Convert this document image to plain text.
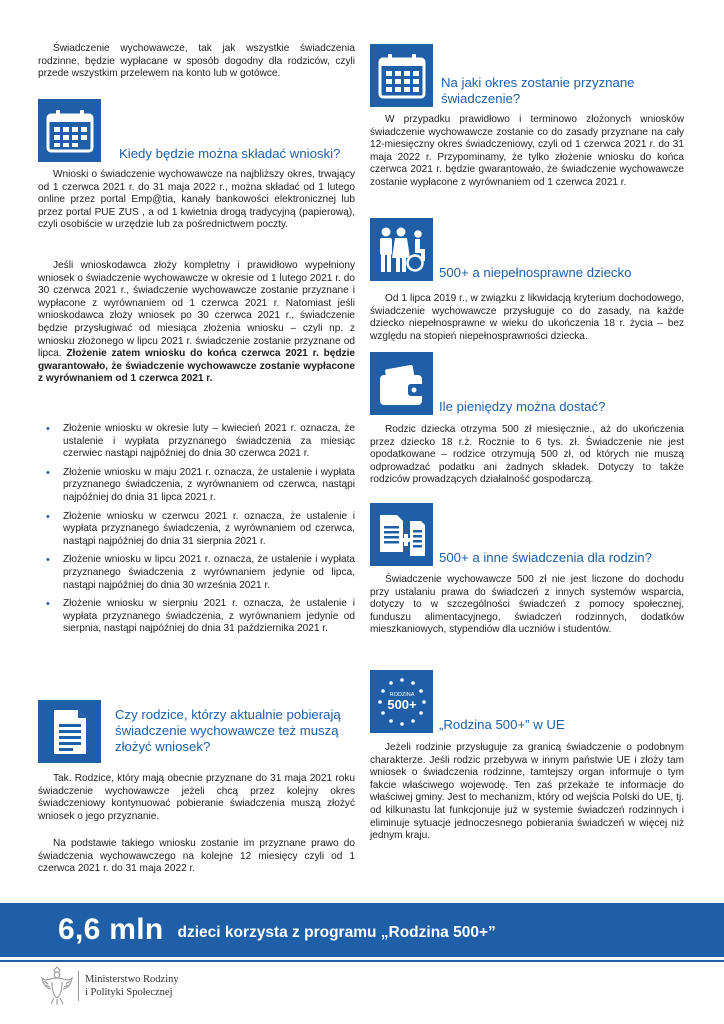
Świadczenie wychowawcze, tak jak wszystkie świadczenia rodzinne, będzie wypłacane w sposób dogodny dla rodziców, czyli przede wszystkim przelewem na konto lub w gotówce.

Kiedy będzie można składać wnioski?

Wnioski o świadczenie wychowawcze na najbliższy okres, trwający od 1 czerwca 2021 r. do 31 maja 2022 r., można składać od 1 lutego online przez portal Emp@tia, kanały bankowości elektronicznej lub przez portal PUE ZUS , a od 1 kwietnia drogą tradycyjną (papierową), czyli osobiście w urzędzie lub za pośrednictwem poczty.

Jeśli wnioskodawca złoży kompletny i prawidłowo wypełniony wniosek o świadczenie wychowawcze w okresie od 1 lutego 2021 r. do 30 czerwca 2021 r., świadczenie wychowawcze zostanie przyznane i wypłacone z wyrównaniem od 1 czerwca 2021 r. Natomiast jeśli wnioskodawca złoży wniosek po 30 czerwca 2021 r., świadczenie będzie przysługiwać od miesiąca złożenia wniosku – czyli np. z wniosku złożonego w lipcu 2021 r. świadczenie zostanie przyznane od lipca. Złożenie zatem wniosku do końca czerwca 2021 r. będzie gwarantowało, że świadczenie wychowawcze zostanie wypłacone z wyrównaniem od 1 czerwca 2021 r.

• Złożenie wniosku w okresie luty – kwiecień 2021 r. oznacza, że ustalenie i wypłata przyznanego świadczenia za miesiąc czerwiec nastąpi najpóźniej do dnia 30 czerwca 2021 r.
• Złożenie wniosku w maju 2021 r. oznacza, że ustalenie i wypłata przyznanego świadczenia, z wyrównaniem od czerwca, nastąpi najpóźniej do dnia 31 lipca 2021 r.
• Złożenie wniosku w czerwcu 2021 r. oznacza, że ustalenie i wypłata przyznanego świadczenia, z wyrównaniem od czerwca, nastąpi najpóźniej do dnia 31 sierpnia 2021 r.
• Złożenie wniosku w lipcu 2021 r. oznacza, że ustalenie i wypłata przyznanego świadczenia z wyrównaniem jedynie od lipca, nastąpi najpóźniej do dnia 30 września 2021 r.
• Złożenie wniosku w sierpniu 2021 r. oznacza, że ustalenie i wypłata przyznanego świadczenia, z wyrównaniem jedynie od sierpnia, nastąpi najpóźniej do dnia 31 października 2021 r.
Czy rodzice, którzy aktualnie pobierają świadczenie wychowawcze też muszą złożyć wniosek?

Tak. Rodzice, który mają obecnie przyznane do 31 maja 2021 roku świadczenie wychowawcze jeżeli chcą przez kolejny okres świadczeniowy kontynuować pobieranie świadczenia muszą złożyć wniosek o jego przyznanie.

Na podstawie takiego wniosku zostanie im przyznane prawo do świadczenia wychowawczego na kolejne 12 miesięcy czyli od 1 czerwca 2021 r. do 31 maja 2022 r.

Na jaki okres zostanie przyznane świadczenie?

W przypadku prawidłowo i terminowo złożonych wniosków świadczenie wychowawcze zostanie co do zasady przyznane na cały 12-miesięczny okres świadczeniowy, czyli od 1 czerwca 2021 r. do 31 maja 2022 r. Przypominamy, że tylko złożenie wniosku do końca czerwca 2021 r. będzie gwarantowało, że świadczenie wychowawcze zostanie wypłacone z wyrównaniem od 1 czerwca 2021 r.

500+ a niepełnosprawne dziecko

Od 1 lipca 2019 r., w związku z likwidacją kryterium dochodowego, świadczenie wychowawcze przysługuje co do zasady, na każde dziecko niepełnosprawne w wieku do ukończenia 18 r. życia – bez względu na stopień niepełnosprawności dziecka.

Ile pieniędzy można dostać?

Rodzic dziecka otrzyma 500 zł miesięcznie., aż do ukończenia przez dziecko 18 r.ż. Rocznie to 6 tys. zł. Świadczenie nie jest opodatkowane – rodzice otrzymują 500 zł, od których nie muszą odprowadzać podatku ani żadnych składek. Dotyczy to także rodziców prowadzących działalność gospodarczą.

500+ a inne świadczenia dla rodzin?

Świadczenie wychowawcze 500 zł nie jest liczone do dochodu przy ustalaniu prawa do świadczeń z innych systemów wsparcia, dotyczy to w szczególności świadczeń z pomocy społecznej, funduszu alimentacyjnego, świadczeń rodzinnych, dodatków mieszkaniowych, stypendiów dla uczniów i studentów.

RODZINA
500+
„Rodzina 500+” w UE

Jeżeli rodzinie przysługuje za granicą świadczenie o podobnym charakterze. Jeśli rodzic przebywa w innym państwie UE i złoży tam wniosek o świadczenia rodzinne, tamtejszy organ informuje o tym fakcie właściwego wojewodę. Ten zaś przekaże te informacje do właściwej gminy. Jest to mechanizm, który od wejścia Polski do UE, tj. od kilkunastu lat funkcjonuje już w systemie świadczeń rodzinnych i eliminuje sytuacje jednoczesnego pobierania świadczeń w więcej niż jednym kraju.

6,6 mln dzieci korzysta z programu „Rodzina 500+”
Ministerstwo Rodziny
i Polityki Społecznej
